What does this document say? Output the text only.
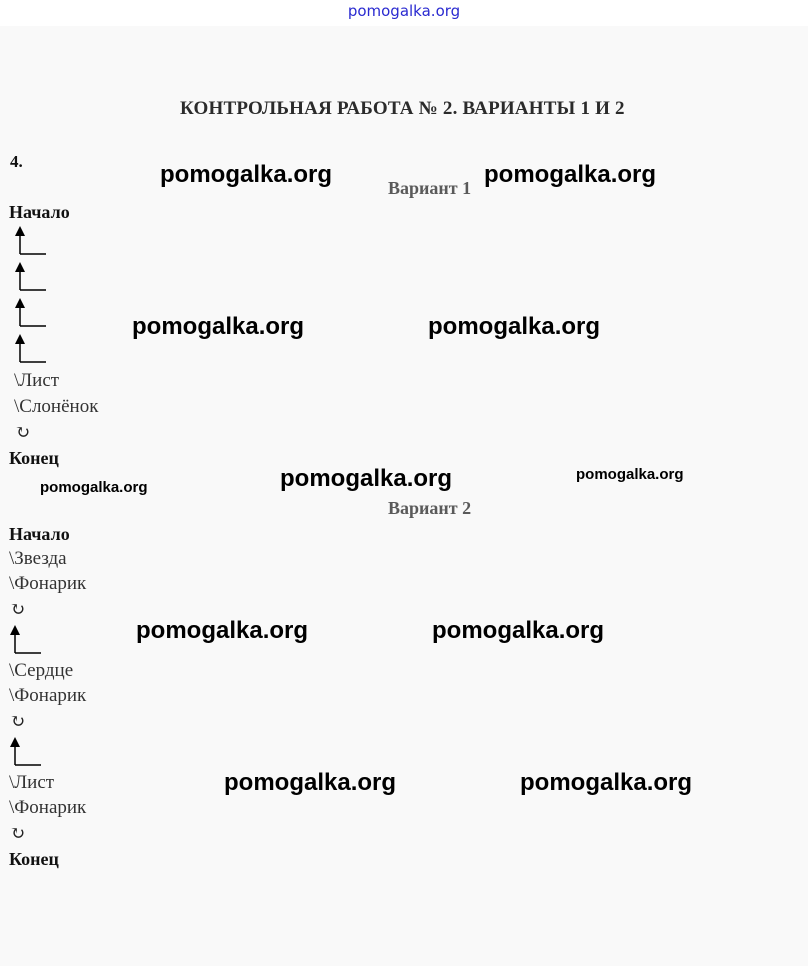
pomogalka.org
КОНТРОЛЬНАЯ РАБОТА № 2. ВАРИАНТЫ 1 И 2
4.
Вариант 1
Начало
\Лист
\Слонёнок
↻
Конец
Вариант 2
Начало
\Звезда
\Фонарик
↻
\Сердце
\Фонарик
↻
\Лист
\Фонарик
↻
Конец
pomogalka.org	pomogalka.org
pomogalka.org	pomogalka.org
pomogalka.org
pomogalka.org
pomogalka.org
pomogalka.org	pomogalka.org
pomogalka.org	pomogalka.org
